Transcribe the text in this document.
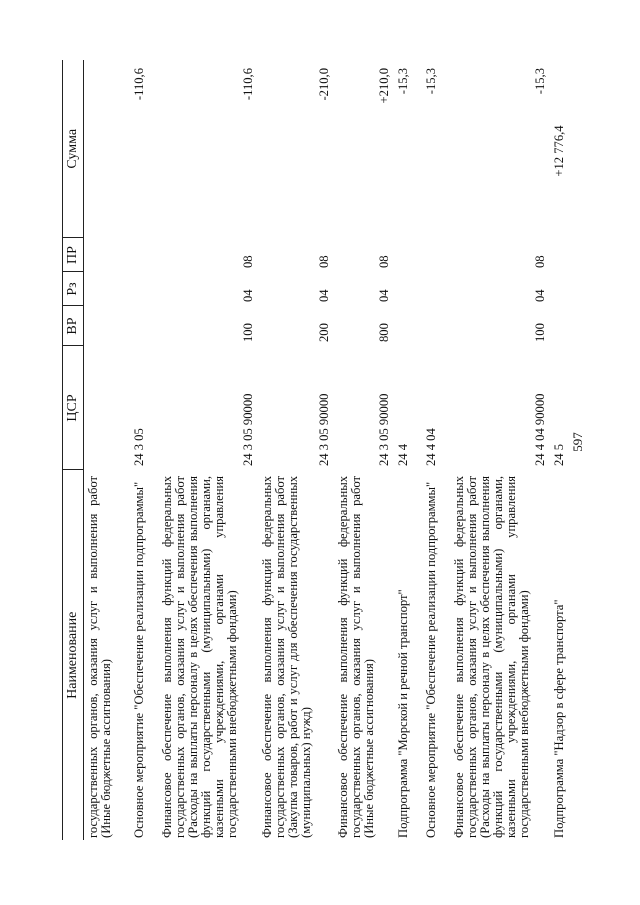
597
Наименование	ЦСР	ВР	Рз	ПР	Сумма
государственных органов, оказания услуг и выполнения работ (Иные бюджетные ассигнования)					
Основное мероприятие "Обеспечение реализации подпрограммы"	24 3 05				-110,6
Финансовое обеспечение выполнения функций федеральных государственных органов, оказания услуг и выполнения работ (Расходы на выплаты персоналу в целях обеспечения выполнения функций государственными (муниципальными) органами, казенными учреждениями, органами управления государственными внебюджетными фондами)	24 3 05 90000	100	04	08	-110,6
Финансовое обеспечение выполнения функций федеральных государственных органов, оказания услуг и выполнения работ (Закупка товаров, работ и услуг для обеспечения государственных (муниципальных) нужд)	24 3 05 90000	200	04	08	-210,0
Финансовое обеспечение выполнения функций федеральных государственных органов, оказания услуг и выполнения работ (Иные бюджетные ассигнования)	24 3 05 90000	800	04	08	+210,0
Подпрограмма "Морской и речной транспорт"	24 4				-15,3
Основное мероприятие "Обеспечение реализации подпрограммы"	24 4 04				-15,3
Финансовое обеспечение выполнения функций федеральных государственных органов, оказания услуг и выполнения работ (Расходы на выплаты персоналу в целях обеспечения выполнения функций государственными (муниципальными) органами, казенными учреждениями, органами управления государственными внебюджетными фондами)	24 4 04 90000	100	04	08	-15,3
Подпрограмма "Надзор в сфере транспорта"	24 5				+12 776,4
